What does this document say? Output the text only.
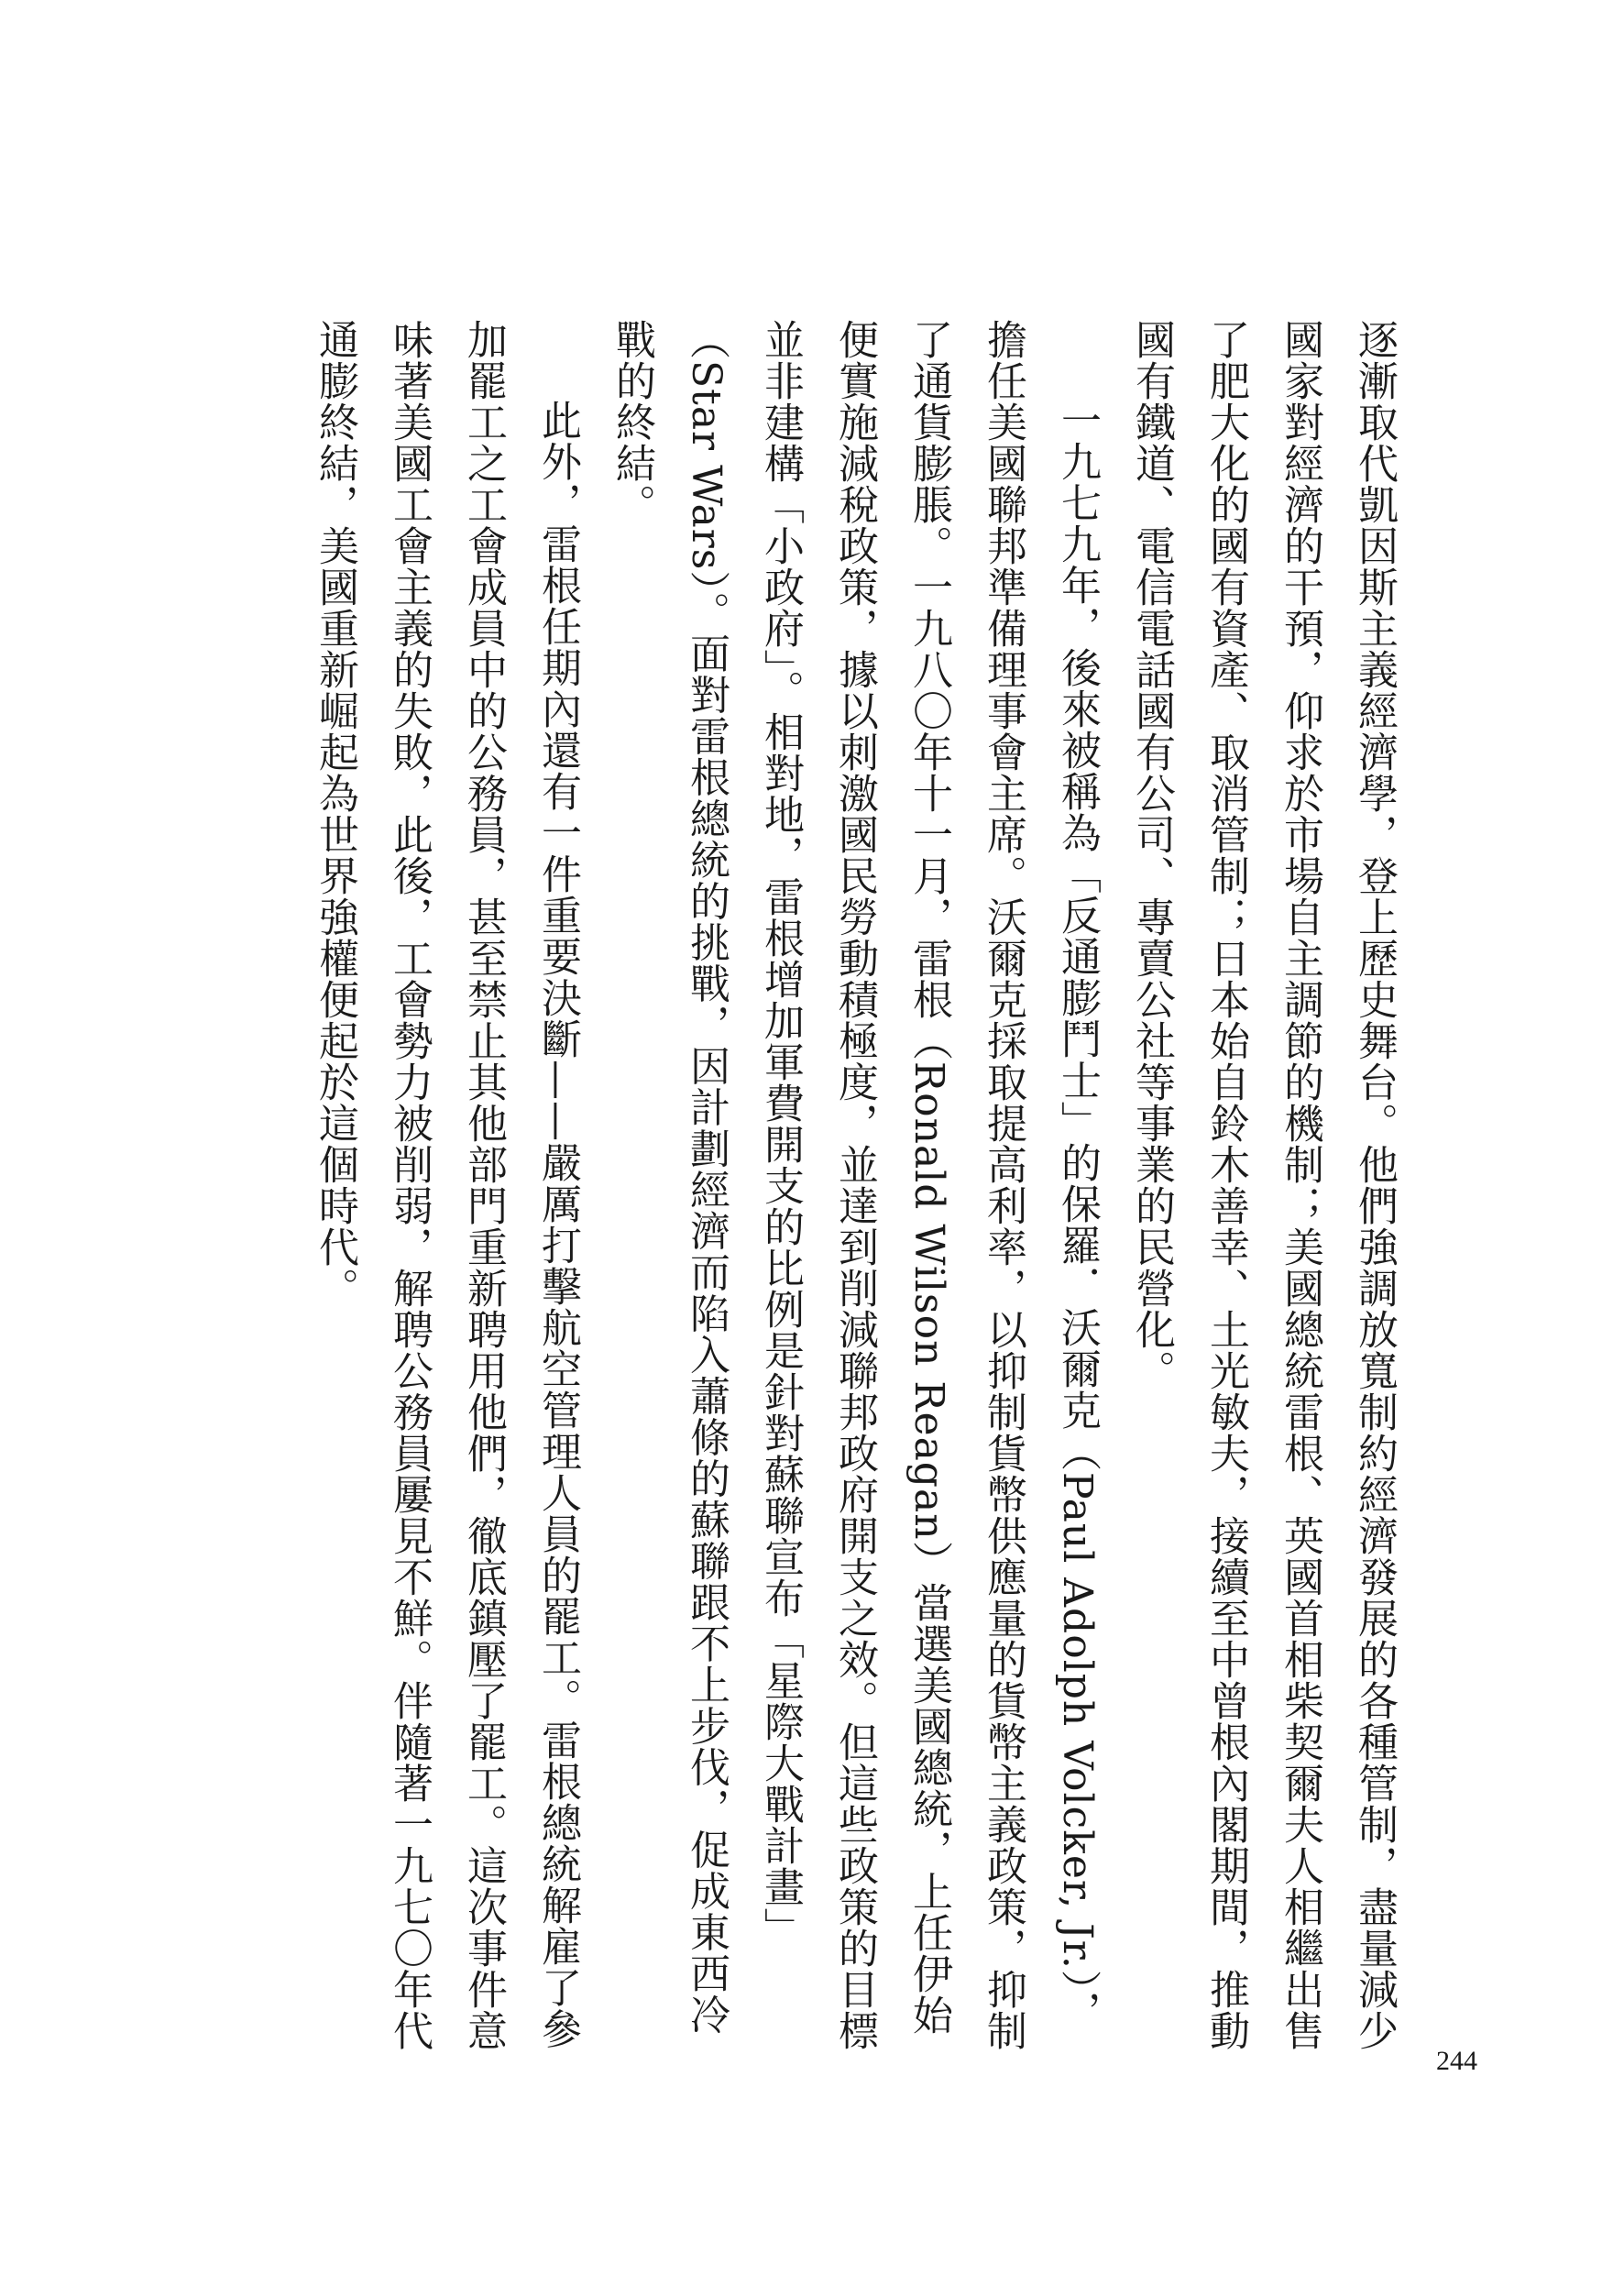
逐漸取代凱因斯主義經濟學，登上歷史舞台。他們強調放寬制約經濟發展的各種管制，盡量減少國家對經濟的干預，仰求於市場自主調節的機制；美國總統雷根、英國首相柴契爾夫人相繼出售了肥大化的國有資產、取消管制；日本始自鈴木善幸、土光敏夫，接續至中曾根內閣期間，推動國有鐵道、電信電話國有公司、專賣公社等事業的民營化。

一九七九年，後來被稱為「反通膨鬥士」的保羅．沃爾克（Paul Adolph Volcker, Jr.），擔任美國聯邦準備理事會主席。沃爾克採取提高利率，以抑制貨幣供應量的貨幣主義政策，抑制了通貨膨脹。一九八〇年十一月，雷根（Ronald Wilson Reagan）當選美國總統，上任伊始便實施減稅政策，據以刺激國民勞動積極度，並達到削減聯邦政府開支之效。但這些政策的目標並非建構「小政府」。相對地，雷根增加軍費開支的比例是針對蘇聯宣布「星際大戰計畫」（Star Wars）。面對雷根總統的挑戰，因計劃經濟而陷入蕭條的蘇聯跟不上步伐，促成東西冷戰的終結。

此外，雷根任期內還有一件重要決斷——嚴厲打擊航空管理人員的罷工。雷根總統解雇了參加罷工之工會成員中的公務員，甚至禁止其他部門重新聘用他們，徹底鎮壓了罷工。這次事件意味著美國工會主義的失敗，此後，工會勢力被削弱，解聘公務員屢見不鮮。伴隨著一九七〇年代通膨終結，美國重新崛起為世界強權便起於這個時代。

244
